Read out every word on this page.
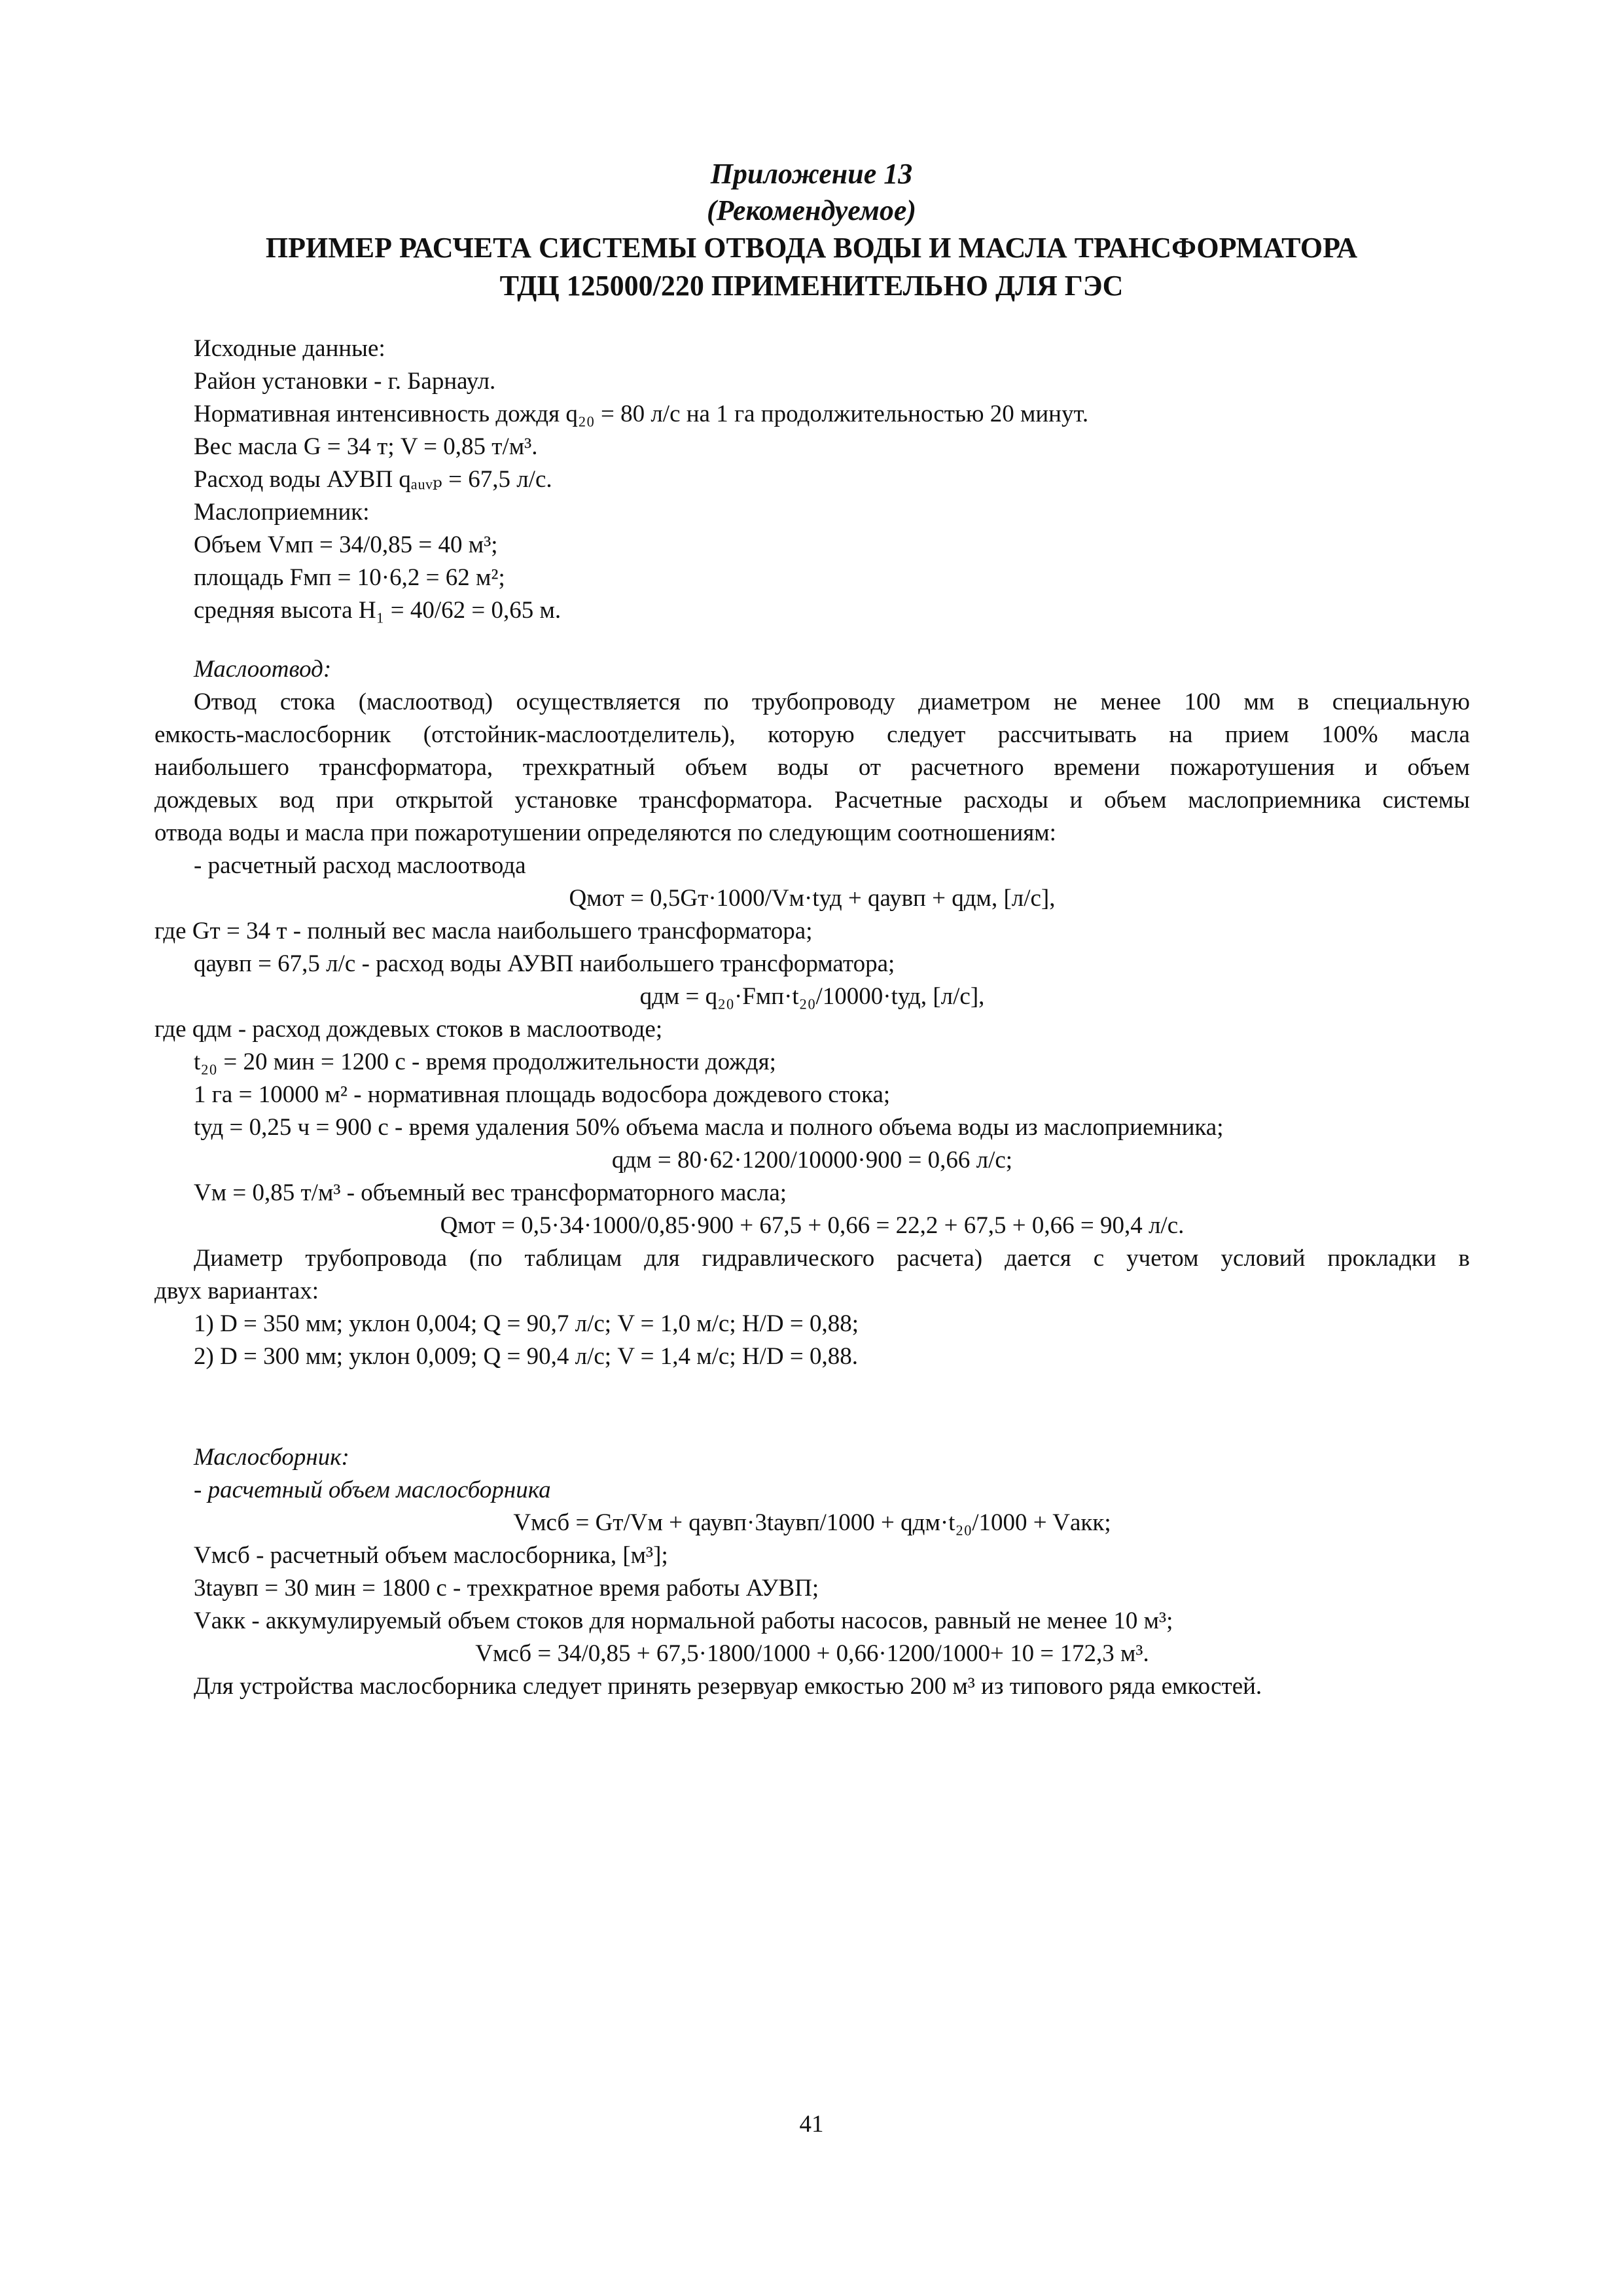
Приложение 13
(Рекомендуемое)
ПРИМЕР РАСЧЕТА СИСТЕМЫ ОТВОДА ВОДЫ И МАСЛА ТРАНСФОРМАТОРА
ТДЦ 125000/220 ПРИМЕНИТЕЛЬНО ДЛЯ ГЭС
Исходные данные:
Район установки - г. Барнаул.
Нормативная интенсивность дождя q₂₀ = 80 л/с на 1 га продолжительностью 20 минут.
Вес масла G = 34 т; V = 0,85 т/м³.
Расход воды АУВП qₐᵤᵥₚ = 67,5 л/с.
Маслоприемник:
Объем Vмп = 34/0,85 = 40 м³;
площадь Fмп = 10·6,2 = 62 м²;
средняя высота H₁ = 40/62 = 0,65 м.
Маслоотвод:
Отвод стока (маслоотвод) осуществляется по трубопроводу диаметром не менее 100 мм в специальную
емкость-маслосборник (отстойник-маслоотделитель), которую следует рассчитывать на прием 100% масла
наибольшего трансформатора, трехкратный объем воды от расчетного времени пожаротушения и объем
дождевых вод при открытой установке трансформатора. Расчетные расходы и объем маслоприемника системы
отвода воды и масла при пожаротушении определяются по следующим соотношениям:
- расчетный расход маслоотвода
Qмот = 0,5Gт·1000/Vм·tуд + qаувп + qдм, [л/с],
где Gт = 34 т - полный вес масла наибольшего трансформатора;
qаувп = 67,5 л/с - расход воды АУВП наибольшего трансформатора;
qдм = q₂₀·Fмп·t₂₀/10000·tуд, [л/с],
где qдм - расход дождевых стоков в маслоотводе;
t₂₀ = 20 мин = 1200 с - время продолжительности дождя;
1 га = 10000 м² - нормативная площадь водосбора дождевого стока;
tуд = 0,25 ч = 900 с - время удаления 50% объема масла и полного объема воды из маслоприемника;
qдм = 80·62·1200/10000·900 = 0,66 л/с;
Vм = 0,85 т/м³ - объемный вес трансформаторного масла;
Qмот = 0,5·34·1000/0,85·900 + 67,5 + 0,66 = 22,2 + 67,5 + 0,66 = 90,4 л/с.
Диаметр трубопровода (по таблицам для гидравлического расчета) дается с учетом условий прокладки в
двух вариантах:
1) D = 350 мм; уклон 0,004; Q = 90,7 л/с; V = 1,0 м/с; H/D = 0,88;
2) D = 300 мм; уклон 0,009; Q = 90,4 л/с; V = 1,4 м/с; H/D = 0,88.
Маслосборник:
- расчетный объем маслосборника
Vмсб = Gт/Vм + qаувп·3tаувп/1000 + qдм·t₂₀/1000 + Vакк;
Vмсб - расчетный объем маслосборника, [м³];
3tаувп = 30 мин = 1800 с - трехкратное время работы АУВП;
Vакк - аккумулируемый объем стоков для нормальной работы насосов, равный не менее 10 м³;
Vмсб = 34/0,85 + 67,5·1800/1000 + 0,66·1200/1000+ 10 = 172,3 м³.
Для устройства маслосборника следует принять резервуар емкостью 200 м³ из типового ряда емкостей.
41
